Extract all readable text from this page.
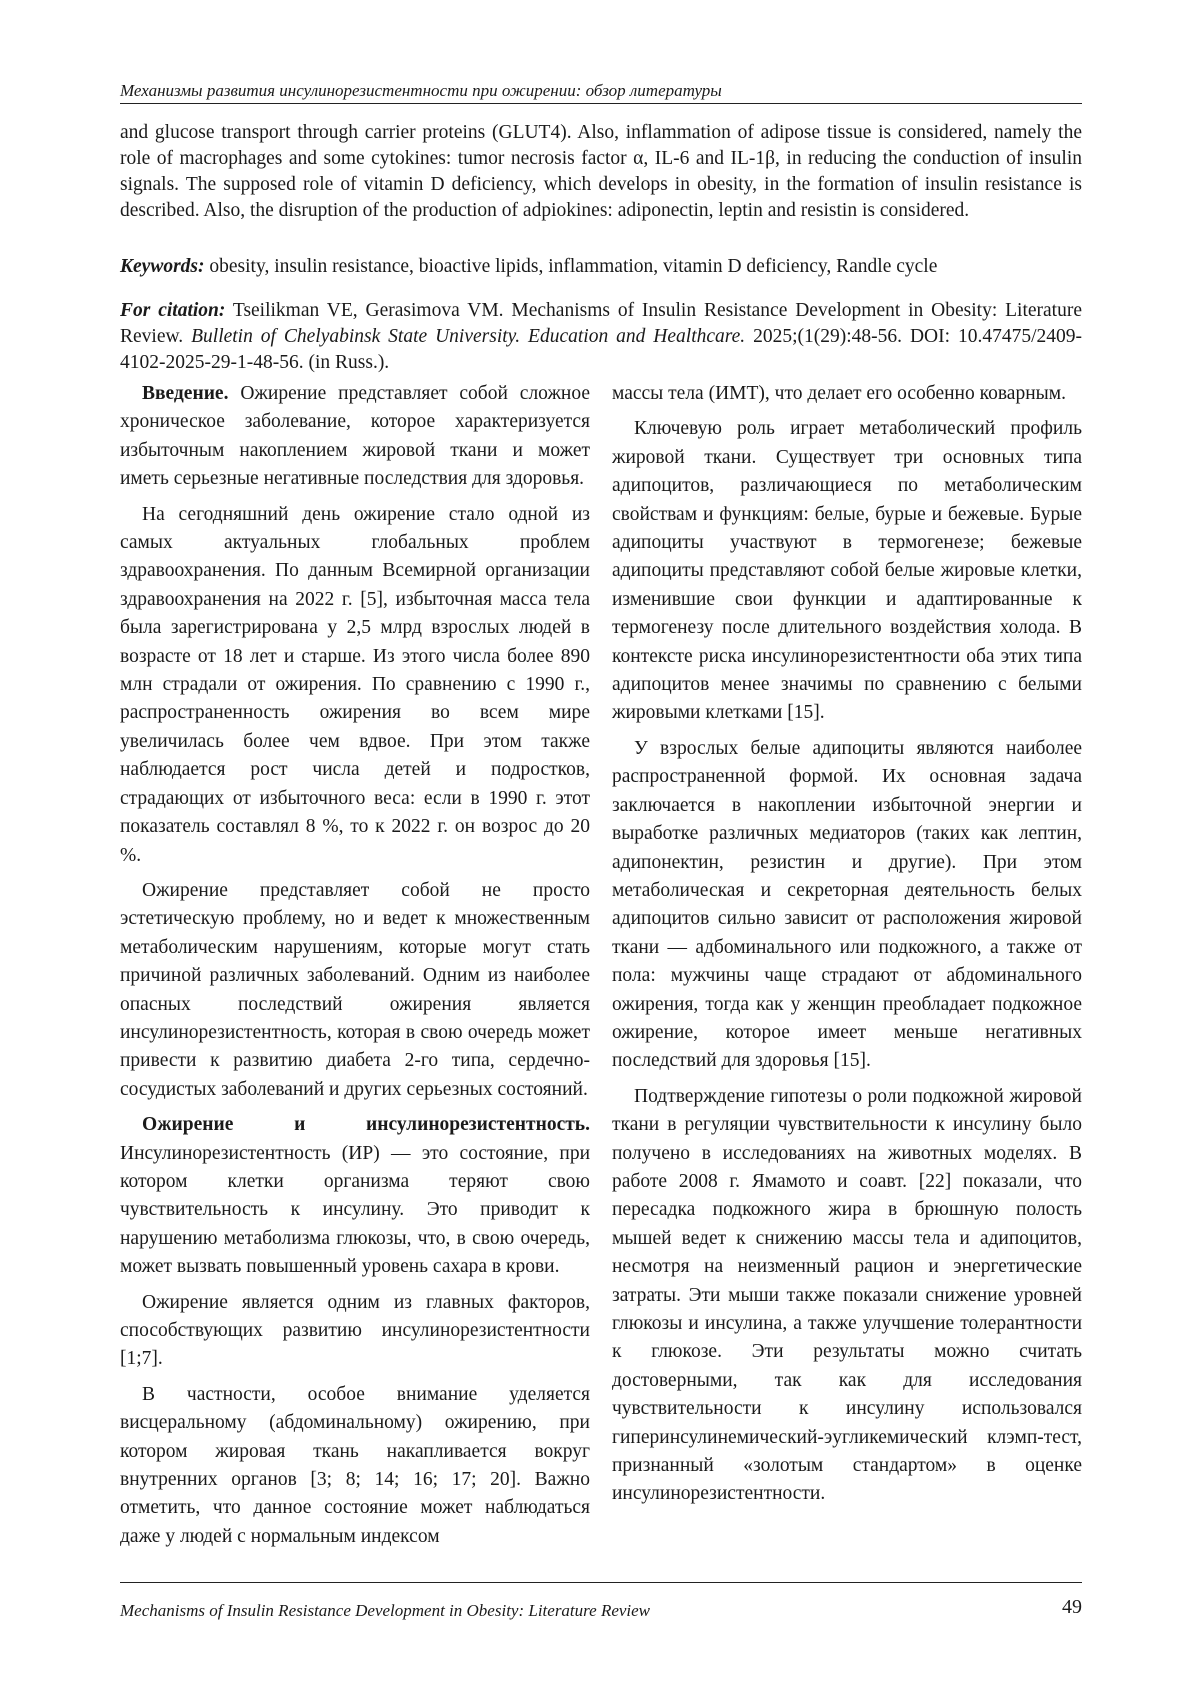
Механизмы развития инсулинорезистентности при ожирении: обзор литературы
and glucose transport through carrier proteins (GLUT4). Also, inflammation of adipose tissue is considered, namely the role of macrophages and some cytokines: tumor necrosis factor α, IL-6 and IL-1β, in reducing the conduction of insulin signals. The supposed role of vitamin D deficiency, which develops in obesity, in the formation of insulin resistance is described. Also, the disruption of the production of adpiokines: adiponectin, leptin and resistin is considered.
Keywords: obesity, insulin resistance, bioactive lipids, inflammation, vitamin D deficiency, Randle cycle
For citation: Tseilikman VE, Gerasimova VM. Mechanisms of Insulin Resistance Development in Obesity: Literature Review. Bulletin of Chelyabinsk State University. Education and Healthcare. 2025;(1(29):48-56. DOI: 10.47475/2409-4102-2025-29-1-48-56. (in Russ.).

Введение. Ожирение представляет собой сложное хроническое заболевание, которое характеризуется избыточным накоплением жировой ткани и может иметь серьезные негативные последствия для здоровья.

На сегодняшний день ожирение стало одной из самых актуальных глобальных проблем здравоохранения. По данным Всемирной организации здравоохранения на 2022 г. [5], избыточная масса тела была зарегистрирована у 2,5 млрд взрослых людей в возрасте от 18 лет и старше. Из этого числа более 890 млн страдали от ожирения. По сравнению с 1990 г., распространенность ожирения во всем мире увеличилась более чем вдвое. При этом также наблюдается рост числа детей и подростков, страдающих от избыточного веса: если в 1990 г. этот показатель составлял 8 %, то к 2022 г. он возрос до 20 %.

Ожирение представляет собой не просто эстетическую проблему, но и ведет к множественным метаболическим нарушениям, которые могут стать причиной различных заболеваний. Одним из наиболее опасных последствий ожирения является инсулинорезистентность, которая в свою очередь может привести к развитию диабета 2-го типа, сердечно-сосудистых заболеваний и других серьезных состояний.

Ожирение и инсулинорезистентность. Инсулинорезистентность (ИР) — это состояние, при котором клетки организма теряют свою чувствительность к инсулину. Это приводит к нарушению метаболизма глюкозы, что, в свою очередь, может вызвать повышенный уровень сахара в крови.

Ожирение является одним из главных факторов, способствующих развитию инсулинорезистентности [1;7].

В частности, особое внимание уделяется висцеральному (абдоминальному) ожирению, при котором жировая ткань накапливается вокруг внутренних органов [3; 8; 14; 16; 17; 20]. Важно отметить, что данное состояние может наблюдаться даже у людей с нормальным индексом

массы тела (ИМТ), что делает его особенно коварным.

Ключевую роль играет метаболический профиль жировой ткани. Существует три основных типа адипоцитов, различающиеся по метаболическим свойствам и функциям: белые, бурые и бежевые. Бурые адипоциты участвуют в термогенезе; бежевые адипоциты представляют собой белые жировые клетки, изменившие свои функции и адаптированные к термогенезу после длительного воздействия холода. В контексте риска инсулинорезистентности оба этих типа адипоцитов менее значимы по сравнению с белыми жировыми клетками [15].

У взрослых белые адипоциты являются наиболее распространенной формой. Их основная задача заключается в накоплении избыточной энергии и выработке различных медиаторов (таких как лептин, адипонектин, резистин и другие). При этом метаболическая и секреторная деятельность белых адипоцитов сильно зависит от расположения жировой ткани — адбоминального или подкожного, а также от пола: мужчины чаще страдают от абдоминального ожирения, тогда как у женщин преобладает подкожное ожирение, которое имеет меньше негативных последствий для здоровья [15].

Подтверждение гипотезы о роли подкожной жировой ткани в регуляции чувствительности к инсулину было получено в исследованиях на животных моделях. В работе 2008 г. Ямамото и соавт. [22] показали, что пересадка подкожного жира в брюшную полость мышей ведет к снижению массы тела и адипоцитов, несмотря на неизменный рацион и энергетические затраты. Эти мыши также показали снижение уровней глюкозы и инсулина, а также улучшение толерантности к глюкозе. Эти результаты можно считать достоверными, так как для исследования чувствительности к инсулину использовался гиперинсулинемический-эугликемический клэмп-тест, признанный «золотым стандартом» в оценке инсулинорезистентности.

Mechanisms of Insulin Resistance Development in Obesity: Literature Review	49
